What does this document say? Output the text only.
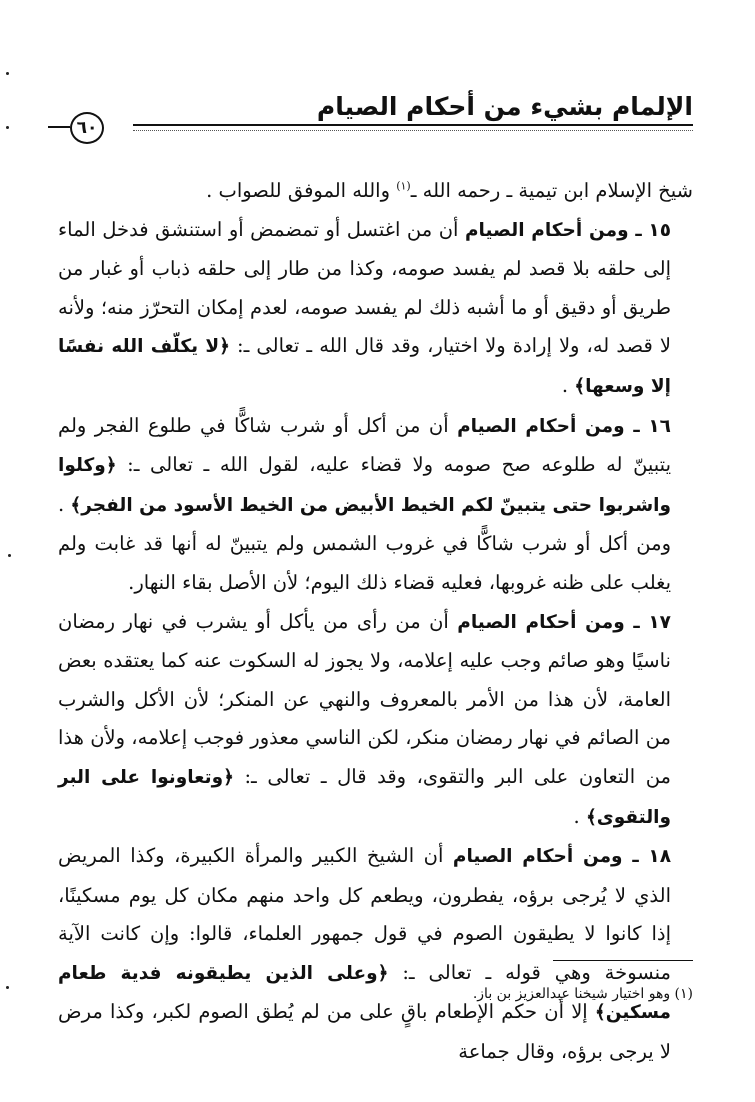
الإلمام بشيء من أحكام الصيام
٦٠

شيخ الإسلام ابن تيمية ـ رحمه الله ـ$^{(١)}$ والله الموفق للصواب .

١٥ ـ ومن أحكام الصيام أن من اغتسل أو تمضمض أو استنشق فدخل الماء إلى حلقه بلا قصد لم يفسد صومه، وكذا من طار إلى حلقه ذباب أو غبار من طريق أو دقيق أو ما أشبه ذلك لم يفسد صومه، لعدم إمكان التحرّز منه؛ ولأنه لا قصد له، ولا إرادة ولا اختيار، وقد قال الله ـ تعالى ـ: ﴿لا يكلّف الله نفسًا إلا وسعها﴾ .

١٦ ـ ومن أحكام الصيام أن من أكل أو شرب شاكًّا في طلوع الفجر ولم يتبينّ له طلوعه صح صومه ولا قضاء عليه، لقول الله ـ تعالى ـ: ﴿وكلوا واشربوا حتى يتبينّ لكم الخيط الأبيض من الخيط الأسود من الفجر﴾ . ومن أكل أو شرب شاكًّا في غروب الشمس ولم يتبينّ له أنها قد غابت ولم يغلب على ظنه غروبها، فعليه قضاء ذلك اليوم؛ لأن الأصل بقاء النهار.

١٧ ـ ومن أحكام الصيام أن من رأى من يأكل أو يشرب في نهار رمضان ناسيًا وهو صائم وجب عليه إعلامه، ولا يجوز له السكوت عنه كما يعتقده بعض العامة، لأن هذا من الأمر بالمعروف والنهي عن المنكر؛ لأن الأكل والشرب من الصائم في نهار رمضان منكر، لكن الناسي معذور فوجب إعلامه، ولأن هذا من التعاون على البر والتقوى، وقد قال ـ تعالى ـ: ﴿وتعاونوا على البر والتقوى﴾ .

١٨ ـ ومن أحكام الصيام أن الشيخ الكبير والمرأة الكبيرة، وكذا المريض الذي لا يُرجى برؤه، يفطرون، ويطعم كل واحد منهم مكان كل يوم مسكينًا، إذا كانوا لا يطيقون الصوم في قول جمهور العلماء، قالوا: وإن كانت الآية منسوخة وهي قوله ـ تعالى ـ: ﴿وعلى الذين يطيقونه فدية طعام مسكين﴾ إلا أن حكم الإطعام باقٍ على من لم يُطق الصوم لكبر، وكذا مرض لا يرجى برؤه، وقال جماعة

(١) وهو اختيار شيخنا عبدالعزيز بن باز.
